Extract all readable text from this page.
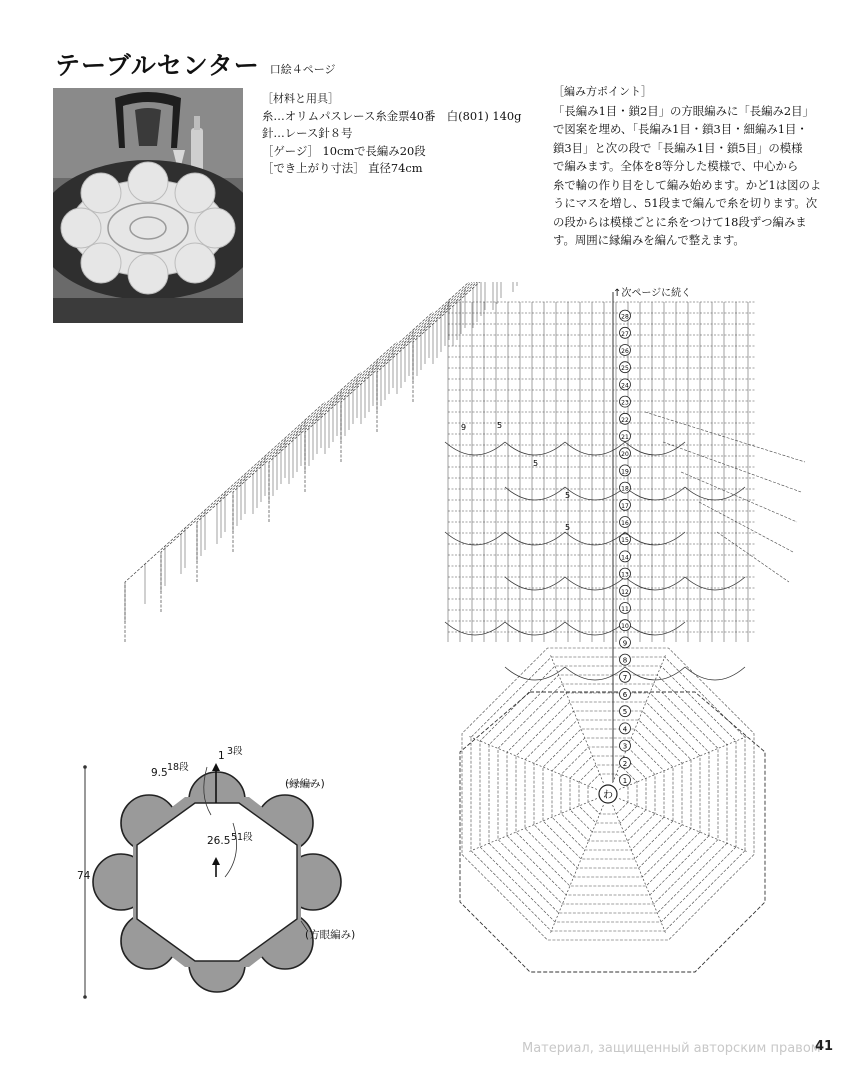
テーブルセンター 口絵４ページ
［材料と用具］
糸…オリムパスレース糸金票40番　白(801) 140g
針…レース針８号
［ゲージ］ 10cmで長編み20段
［でき上がり寸法］ 直径74cm
［編み方ポイント］
「長編み1目・鎖2目」の方眼編みに「長編み2目」
で図案を埋め、「長編み1目・鎖3目・細編み1目・
鎖3目」と次の段で「長編み1目・鎖5目」の模様
で編みます。全体を8等分した模様で、中心から
糸で輪の作り目をして編み始めます。かど1は図のよ
うにマスを増し、51段まで編んで糸を切ります。次
の段からは模様ごとに糸をつけて18段ずつ編みま
す。周囲に縁編みを編んで整えます。
↑次ページに続く
わ
1
2
3
4
5
6
7
8
9
10
11
12
13
14
15
16
17
18
19
20
21
22
23
24
25
26
27
28
9	5
5
5
5
74
9.5 18段
1 3段
(縁編み)
26.5 51段
(方眼編み)
Материал, защищенный авторским правом
41
